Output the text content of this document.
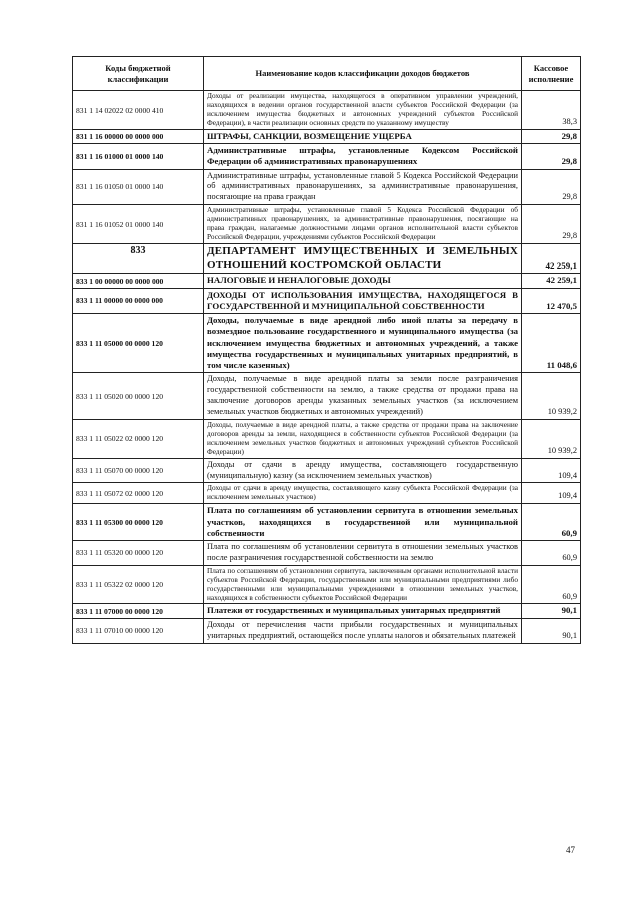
Коды бюджетной классификации	Наименование кодов классификации доходов бюджетов	Кассовое исполнение
831 1 14 02022 02 0000 410	Доходы от реализации имущества, находящегося в оперативном управлении учреждений, находящихся в ведении органов государственной власти субъектов Российской Федерации (за исключением имущества бюджетных и автономных учреждений субъектов Российской Федерации), в части реализации основных средств по указанному имуществу	38,3
831 1 16 00000 00 0000 000	ШТРАФЫ, САНКЦИИ, ВОЗМЕЩЕНИЕ УЩЕРБА	29,8
831 1 16 01000 01 0000 140	Административные штрафы, установленные Кодексом Российской Федерации об административных правонарушениях	29,8
831 1 16 01050 01 0000 140	Административные штрафы, установленные главой 5 Кодекса Российской Федерации об административных правонарушениях, за административные правонарушения, посягающие на права граждан	29,8
831 1 16 01052 01 0000 140	Административные штрафы, установленные главой 5 Кодекса Российской Федерации об административных правонарушениях, за административные правонарушения, посягающие на права граждан, налагаемые должностными лицами органов исполнительной власти субъектов Российской Федерации, учреждениями субъектов Российской Федерации	29,8
833	ДЕПАРТАМЕНТ ИМУЩЕСТВЕННЫХ И ЗЕМЕЛЬНЫХ ОТНОШЕНИЙ КОСТРОМСКОЙ ОБЛАСТИ	42 259,1
833 1 00 00000 00 0000 000	НАЛОГОВЫЕ И НЕНАЛОГОВЫЕ ДОХОДЫ	42 259,1
833 1 11 00000 00 0000 000	ДОХОДЫ ОТ ИСПОЛЬЗОВАНИЯ ИМУЩЕСТВА, НАХОДЯЩЕГОСЯ В ГОСУДАРСТВЕННОЙ И МУНИЦИПАЛЬНОЙ СОБСТВЕННОСТИ	12 470,5
833 1 11 05000 00 0000 120	Доходы, получаемые в виде арендной либо иной платы за передачу в возмездное пользование государственного и муниципального имущества (за исключением имущества бюджетных и автономных учреждений, а также имущества государственных и муниципальных унитарных предприятий, в том числе казенных)	11 048,6
833 1 11 05020 00 0000 120	Доходы, получаемые в виде арендной платы за земли после разграничения государственной собственности на землю, а также средства от продажи права на заключение договоров аренды указанных земельных участков (за исключением земельных участков бюджетных и автономных учреждений)	10 939,2
833 1 11 05022 02 0000 120	Доходы, получаемые в виде арендной платы, а также средства от продажи права на заключение договоров аренды за земли, находящиеся в собственности субъектов Российской Федерации (за исключением земельных участков бюджетных и автономных учреждений субъектов Российской Федерации)	10 939,2
833 1 11 05070 00 0000 120	Доходы от сдачи в аренду имущества, составляющего государственную (муниципальную) казну (за исключением земельных участков)	109,4
833 1 11 05072 02 0000 120	Доходы от сдачи в аренду имущества, составляющего казну субъекта Российской Федерации (за исключением земельных участков)	109,4
833 1 11 05300 00 0000 120	Плата по соглашениям об установлении сервитута в отношении земельных участков, находящихся в государственной или муниципальной собственности	60,9
833 1 11 05320 00 0000 120	Плата по соглашениям об установлении сервитута в отношении земельных участков после разграничения государственной собственности на землю	60,9
833 1 11 05322 02 0000 120	Плата по соглашениям об установлении сервитута, заключенным органами исполнительной власти субъектов Российской Федерации, государственными или муниципальными предприятиями либо государственными или муниципальными учреждениями в отношении земельных участков, находящихся в собственности субъектов Российской Федерации	60,9
833 1 11 07000 00 0000 120	Платежи от государственных и муниципальных унитарных предприятий	90,1
833 1 11 07010 00 0000 120	Доходы от перечисления части прибыли государственных и муниципальных унитарных предприятий, остающейся после уплаты налогов и обязательных платежей	90,1
47
